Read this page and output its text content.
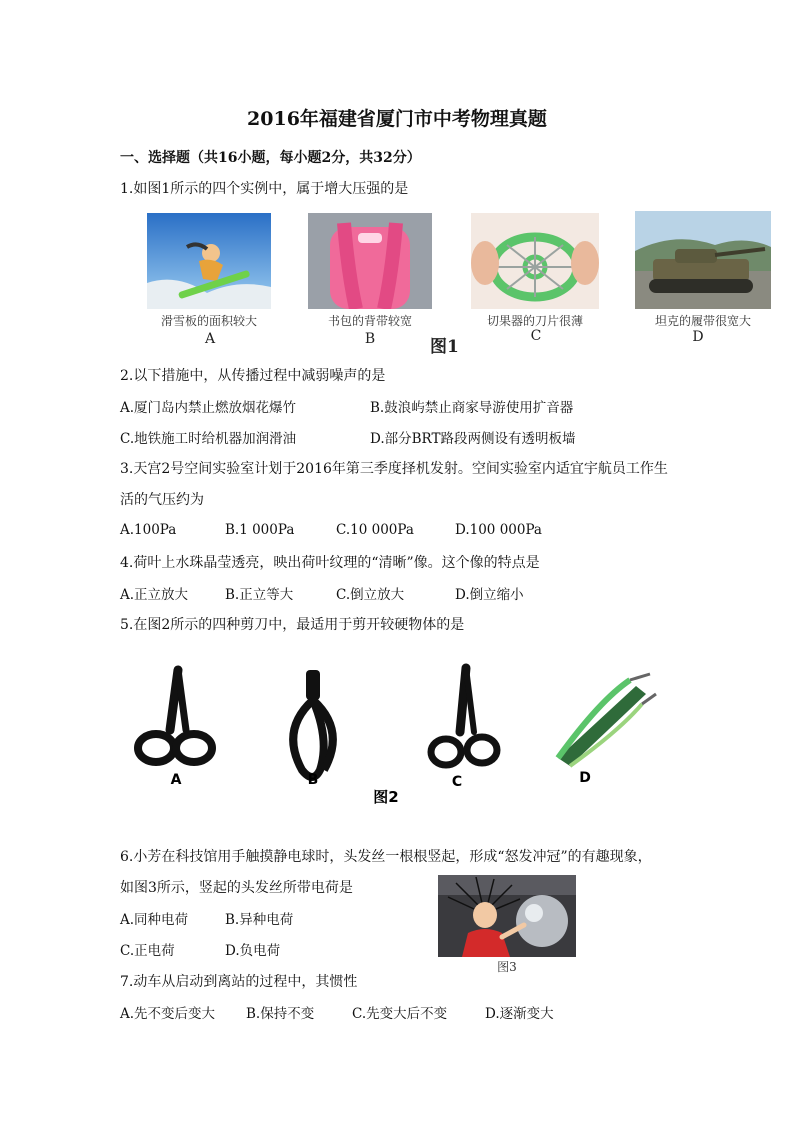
2016年福建省厦门市中考物理真题
一、选择题（共16小题，每小题2分，共32分）
1.如图1所示的四个实例中，属于增大压强的是
滑雪板的面积较大	书包的背带较宽	切果器的刀片很薄	坦克的履带很宽大
A	B	图1
C	D
2.以下措施中，从传播过程中减弱噪声的是
A.厦门岛内禁止燃放烟花爆竹	B.鼓浪屿禁止商家导游使用扩音器
C.地铁施工时给机器加润滑油	D.部分BRT路段两侧设有透明板墙
3.天宫2号空间实验室计划于2016年第三季度择机发射。空间实验室内适宜宇航员工作生
活的气压约为
A.100Pa	B.1 000Pa	C.10 000Pa	D.100 000Pa
4.荷叶上水珠晶莹透亮，映出荷叶纹理的“清晰”像。这个像的特点是
A.正立放大	B.正立等大	C.倒立放大	D.倒立缩小
5.在图2所示的四种剪刀中，最适用于剪开较硬物体的是
A	B	C	D
图2
6.小芳在科技馆用手触摸静电球时，头发丝一根根竖起，形成“怒发冲冠”的有趣现象，
如图3所示，竖起的头发丝所带电荷是
A.同种电荷	B.异种电荷
C.正电荷	D.负电荷
图3
7.动车从启动到离站的过程中，其惯性
A.先不变后变大 B.保持不变	C.先变大后不变	D.逐渐变大
